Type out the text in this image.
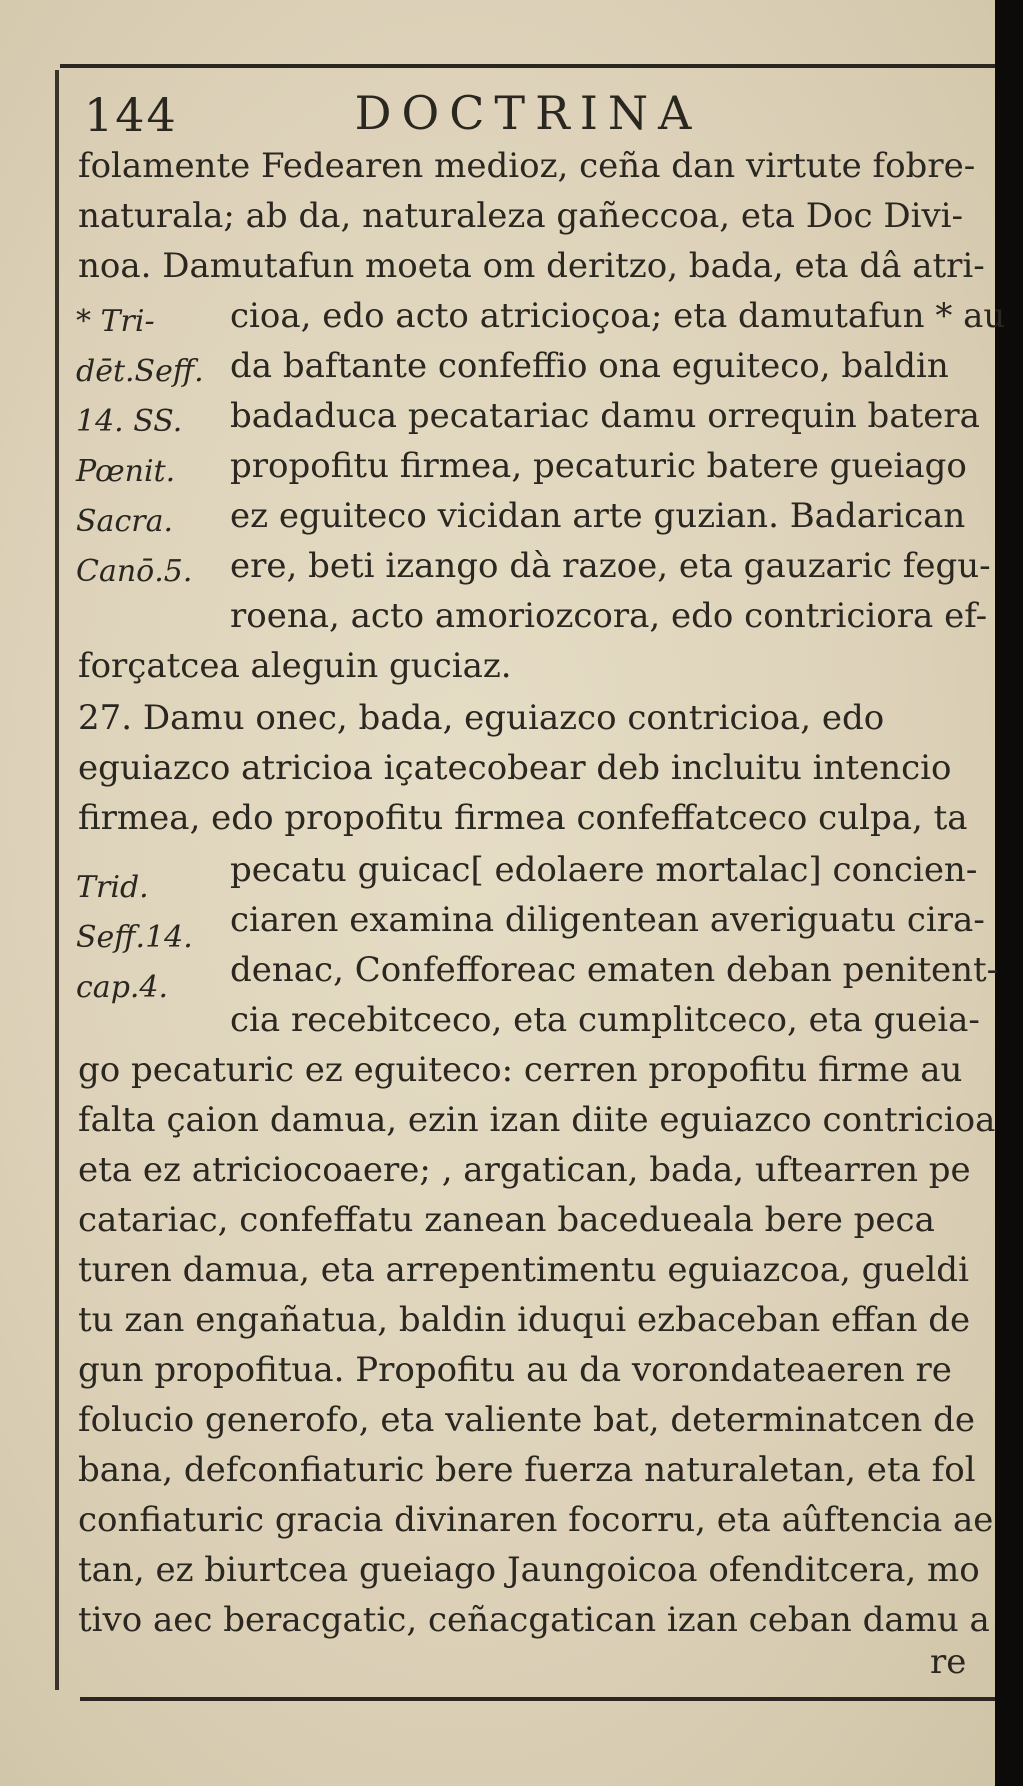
144	DOCTRINA
folamente Fedearen medioz, ceña dan virtute fobre-
naturala; ab da, naturaleza gañeccoa, eta Doc Divi-
noa. Damutafun moeta om deritzo, bada, eta dâ atri-
* Tri-
dēt.Seff.
14. SS.
Pœnit.
Sacra.
Canō.5.
cioa, edo acto atricioçoa; eta damutafun * au
da baftante confeffio ona eguiteco, baldin
badaduca pecatariac damu orrequin batera
propofitu firmea, pecaturic batere gueiago
ez eguiteco vicidan arte guzian. Badarican
ere, beti izango dà razoe, eta gauzaric fegu-
roena, acto amoriozcora, edo contriciora ef-
forçatcea aleguin guciaz.
27. Damu onec, bada, eguiazco contricioa, edo
eguiazco atricioa içatecobear deb incluitu intencio
firmea, edo propofitu firmea confeffatceco culpa, ta
Trid.
Seff.14.
cap.4.
pecatu guicac[ edolaere mortalac] concien-
ciaren examina diligentean averiguatu cira-
denac, Confefforeac ematen deban penitent-
cia recebitceco, eta cumplitceco, eta gueia-
go pecaturic ez eguiteco: cerren propofitu firme au
falta çaion damua, ezin izan diite eguiazco contricioa
eta ez atriciocoaere; , argatican, bada, uftearren pe
catariac, confeffatu zanean bacedueala bere peca
turen damua, eta arrepentimentu eguiazcoa, gueldi
tu zan engañatua, baldin iduqui ezbaceban effan de
gun propofitua. Propofitu au da vorondateaeren re
folucio generofo, eta valiente bat, determinatcen de
bana, defconfiaturic bere fuerza naturaletan, eta fol
confiaturic gracia divinaren focorru, eta aûftencia ae
tan, ez biurtcea gueiago Jaungoicoa ofenditcera, mo
tivo aec beracgatic, ceñacgatican izan ceban damu a
re
